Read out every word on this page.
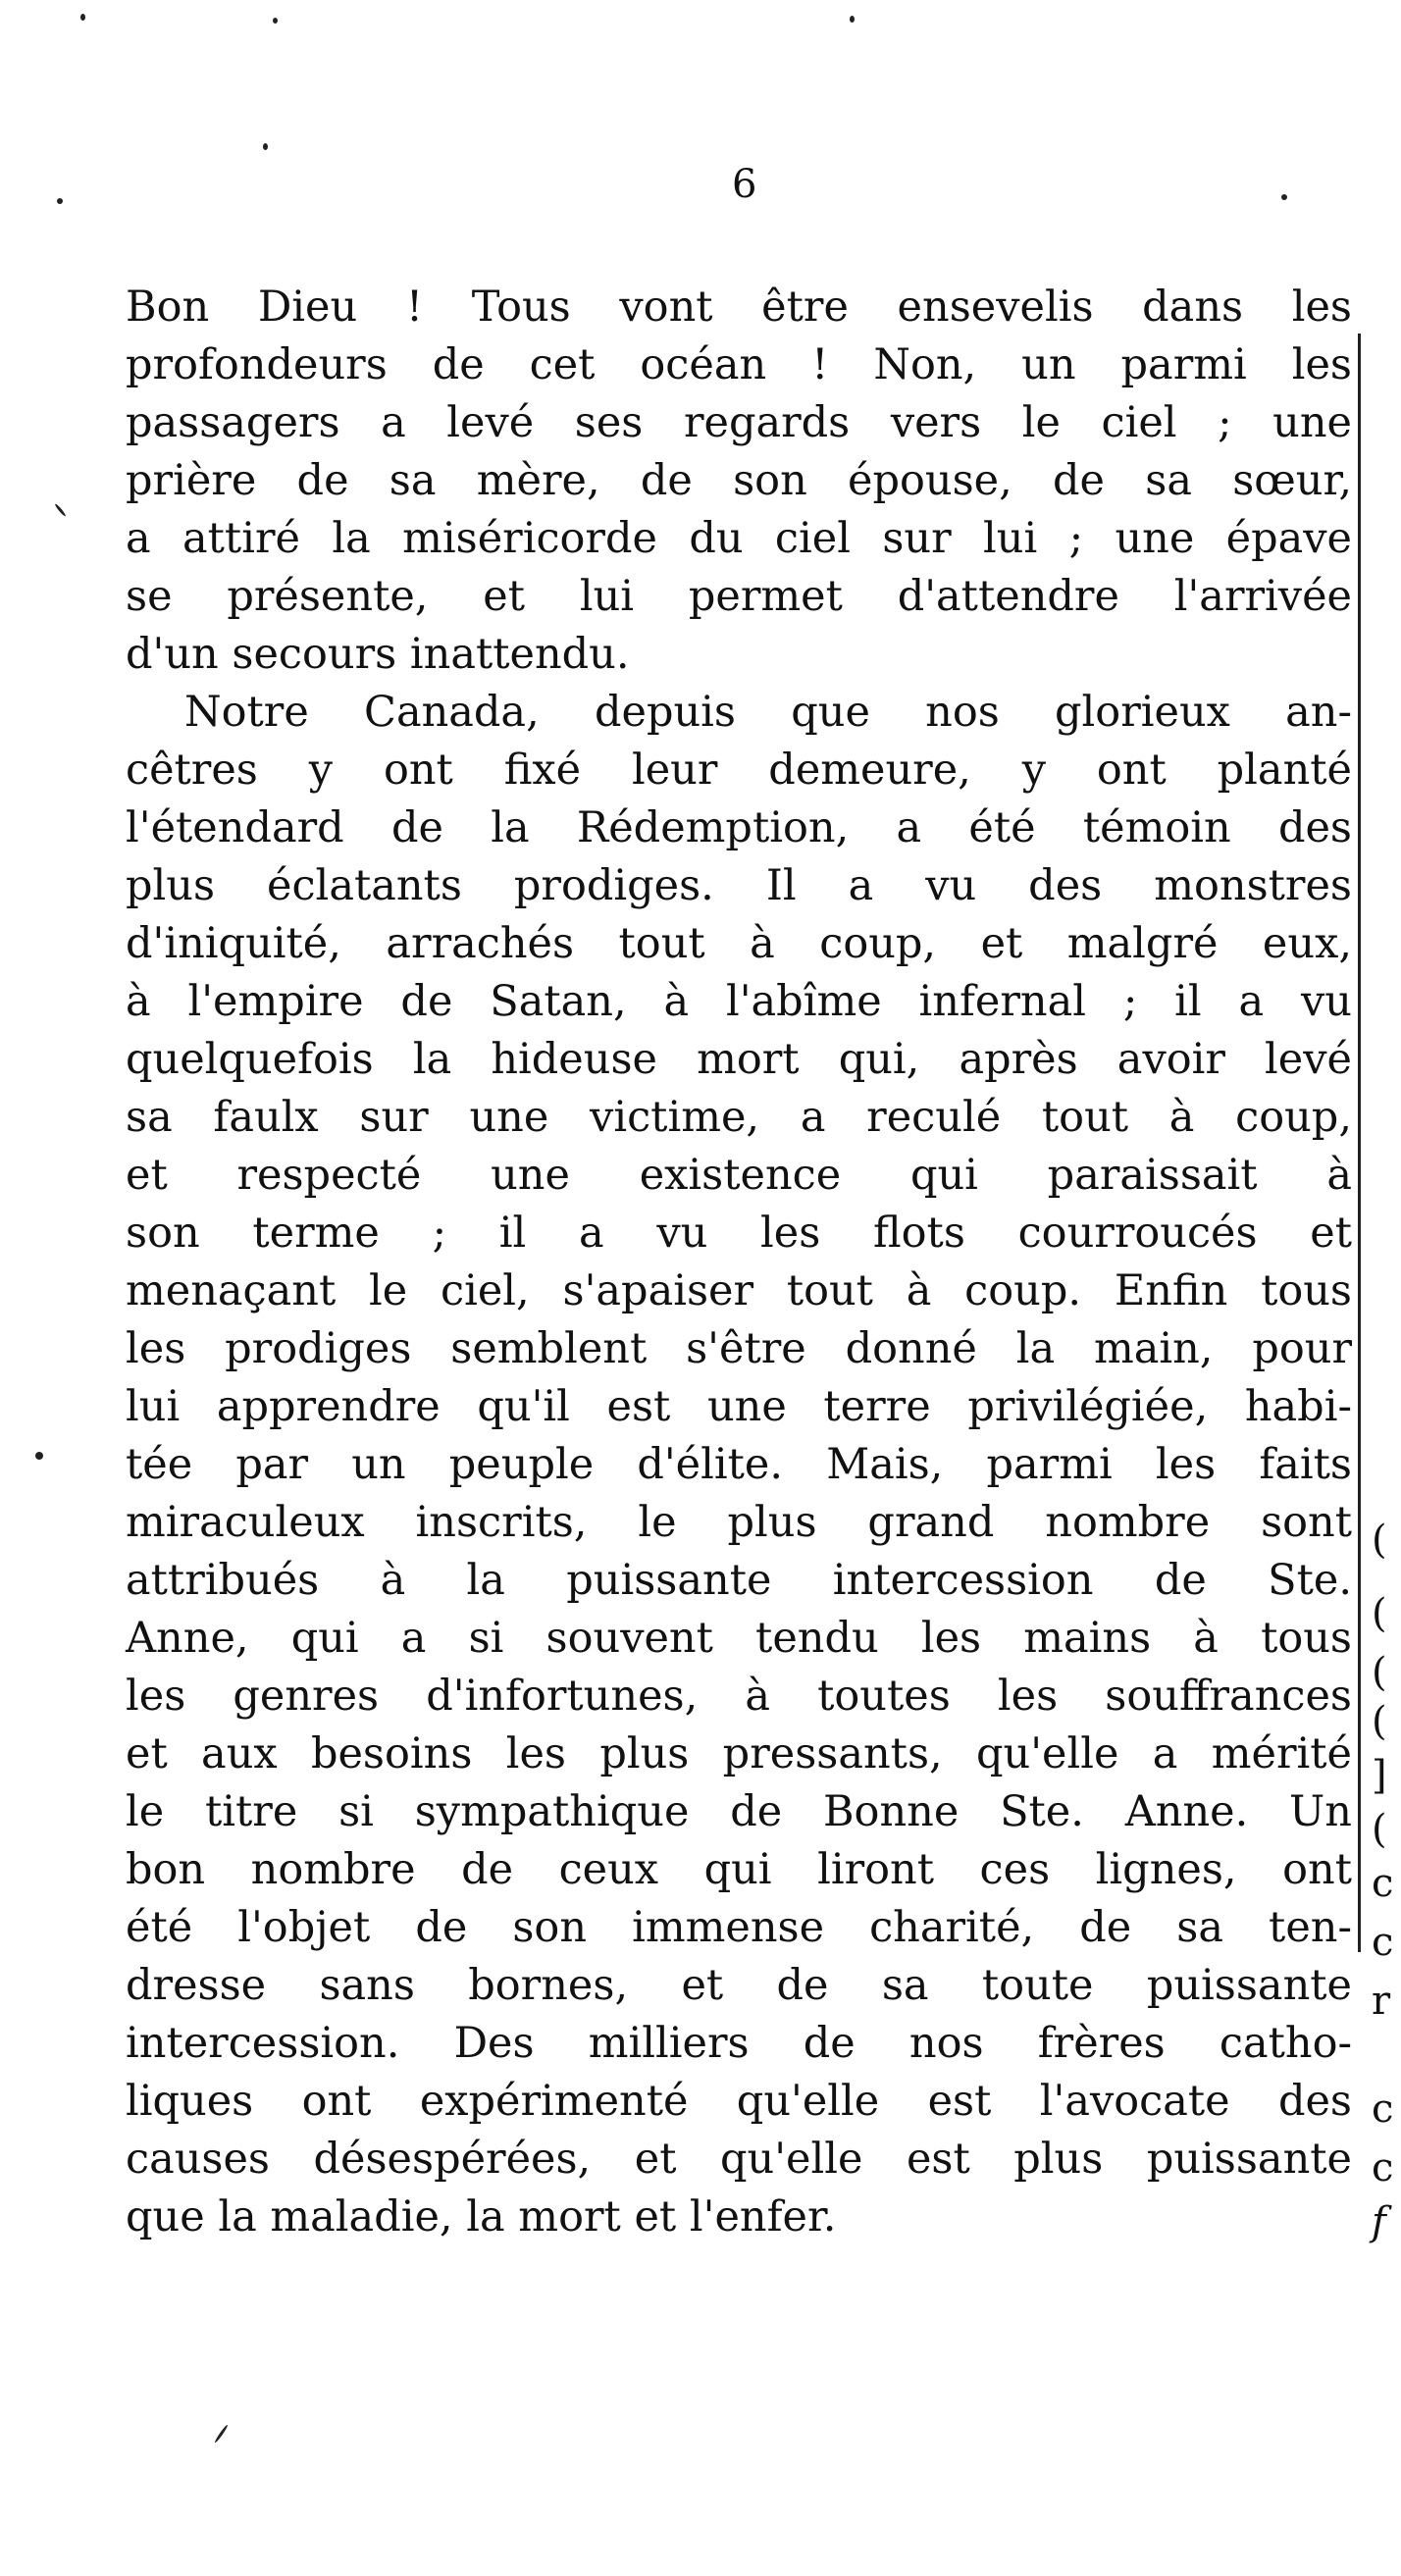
6
Bon Dieu ! Tous vont être ensevelis dans les
profondeurs de cet océan ! Non, un parmi les
passagers a levé ses regards vers le ciel ; une
prière de sa mère, de son épouse, de sa sœur,
a attiré la miséricorde du ciel sur lui ; une épave
se présente, et lui permet d'attendre l'arrivée
d'un secours inattendu.
Notre Canada, depuis que nos glorieux an-
cêtres y ont fixé leur demeure, y ont planté
l'étendard de la Rédemption, a été témoin des
plus éclatants prodiges. Il a vu des monstres
d'iniquité, arrachés tout à coup, et malgré eux,
à l'empire de Satan, à l'abîme infernal ; il a vu
quelquefois la hideuse mort qui, après avoir levé
sa faulx sur une victime, a reculé tout à coup,
et respecté une existence qui paraissait à
son terme ; il a vu les flots courroucés et
menaçant le ciel, s'apaiser tout à coup. Enfin tous
les prodiges semblent s'être donné la main, pour
lui apprendre qu'il est une terre privilégiée, habi-
tée par un peuple d'élite. Mais, parmi les faits
miraculeux inscrits, le plus grand nombre sont
attribués à la puissante intercession de Ste.
Anne, qui a si souvent tendu les mains à tous
les genres d'infortunes, à toutes les souffrances
et aux besoins les plus pressants, qu'elle a mérité
le titre si sympathique de Bonne Ste. Anne. Un
bon nombre de ceux qui liront ces lignes, ont
été l'objet de son immense charité, de sa ten-
dresse sans bornes, et de sa toute puissante
intercession. Des milliers de nos frères catho-
liques ont expérimenté qu'elle est l'avocate des
causes désespérées, et qu'elle est plus puissante
que la maladie, la mort et l'enfer.
(
(
(
(
]
(
c
c
r
c
c
f
